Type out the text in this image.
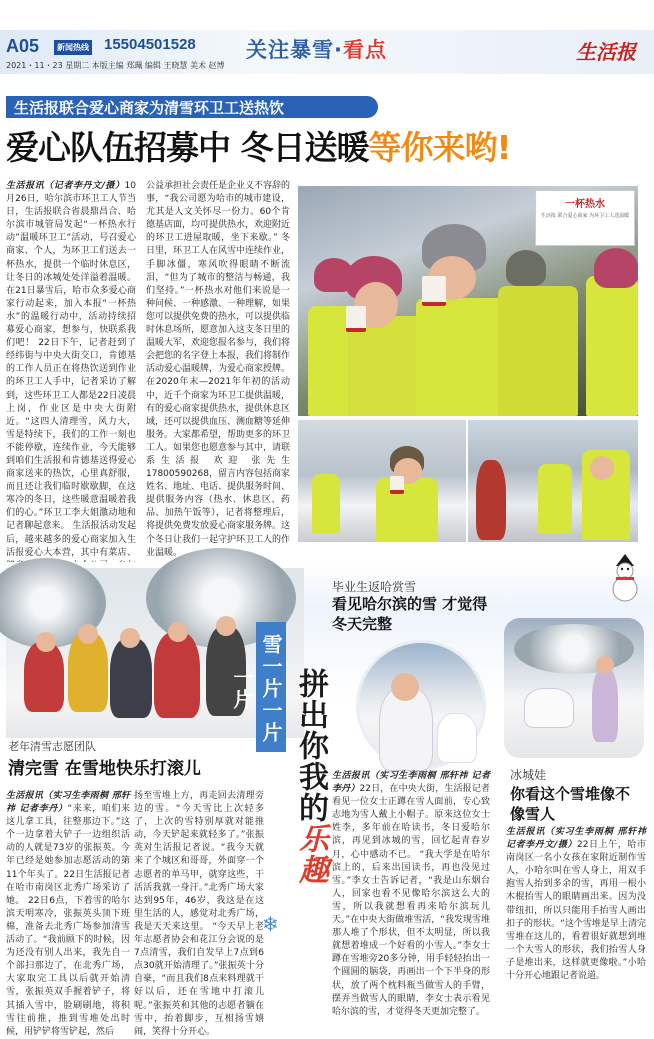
A05	新闻热线 15504501528 关注暴雪·看点	生活报
2021・11・23 星期二 本版主编 郑珮 编辑 王晓慧 美术 赵博
生活报联合爱心商家为清雪环卫工送热饮
爱心队伍招募中 冬日送暖等你来哟!
生活报讯（记者李丹文/摄）10月26日，哈尔滨市环卫工人节当日，生活报联合省晨鼎昌合、哈尔滨市城管局发起“一杯热水行动”温暖环卫工“活动，号召爱心商家、个人，为环卫工们送去一杯热水，提供一个临时休息区，让冬日的冰城处处洋溢着温暖。在21日暴雪后，哈市众多爱心商家行动起来，加入本报“一杯热水”的温暖行动中，活动持续招募爱心商家，想参与，快联系我们吧！ 22日下午，记者赶到了经纬街与中央大街交口，肯德基的工作人员正在将热饮送到作业的环卫工人手中，记者采访了解到，这些环卫工人都是22日凌晨上岗，作业区是中央大街附近。“这四人清理雪，风力大，雪是特续下，我们的工作一刻也不能停歇，连续作业，今天能够到咱们生活报和肯德基送得爱心商家送来的热饮，心里真舒服，而且还让我们临时歇歇脚，在这寒冷的冬日，这些暖意温暖着我们的心。”环卫工李大姐激动地和记者聊起意来。 生活报活动发起后，越来越多的爱心商家加入生活报爱心大本营，其中有菜店、
公益承担社会责任是企业义不容辞的事，“我公司愿为哈市的城市建设，尤其是人文关怀尽一份力。60个肯德基店面，均可提供热水，欢迎附近的环卫工进屋取暖，坐下来歇。” 冬日里，环卫工人在风雪中连续作业，手脚冰僵，寒风吹得眼睛不断流泪，“但为了城市的整洁与畅通，我们坚持。”一杯热水对他们来说是一种问候、一种感激、一种理解，如果您可以提供免费的热水，可以提供临时休息场所，愿意加入这支冬日里的温暖大军，欢迎您报名参与，我们将会把您的名字登上本报，我们将制作活动爱心温暖牌，为爱心商家授牌。 在2020年末—2021年年初的活动中，近千个商家为环卫工提供温暖，有的爱心商家提供热水，提供休息区域，还可以提供血压、测血糖等延伸服务。大家都希望，帮助更多的环卫工人。如果您也愿意参与其中，请联系生活报 欢迎 张先生 17800590268，留言内容包括商家姓名、地址、电话、提供服务时间、提供服务内容（热水、休息区、药品、加热午饭等），记者将整理后，将提供免费发放爱心商家服务牌。这个冬日让我们一起守护环卫工人的作业温暖。
一杯热水
生活报 联合爱心商家 为环卫工人送温暖
雪一片一片一片	拼出你我的乐趣
❄
老年清雪志愿团队
清完雪 在雪地快乐打滚儿
生活报讯（实习生李雨桐 邢轩祎 记者李丹）“来来，咱们来这儿拿工具，往整那边下。”这个一边拿着大铲子一边组织活动的人就是73岁的张振英。今年已经是她参加志愿活动的第11个年头了。22日生活报记者在哈市南岗区北秀广场采访了她。 22日6点，下着雪的哈尔滨天明寒冷，张振英头顶下班棉，准备去北秀广场参加清雪活动了。“我前顾下的时候，因为还没有别人出来，我先自一个部扫那边了，在北秀广场，大家取完工具以后就开始清雪，张振英双手握着铲子，将其插入雪中，脸刷刷地，将积雪往前推，推到雪堆处出时候，用铲铲将雪铲起，然后
扬至雪堆上方，再走回去清理旁边的雪。“今天雪比上次轻多了，上次的雪特别厚就对能推动，今天铲起来就轻多了。”张振英对生活报记者说。“我今天就来了个城区和哥哥，外面穿一个志愿者的单马甲，就穿这些，干活活我就一身汗。”北秀广场大家达到95年，46岁，我这是在这里生活的人，感觉对北秀广场，我是天天来这里。 “今天早上老年志愿者协会和花江分会说的是7点清雪，我们自发早上7点到6点30就开始清理了。”张振英十分自豪，“而且我们8点来料理就干好以后，还在雪地中打滚儿呢。”张振英和其他的志愿者躺在雪中，抬着脚步，互相扬雪嬉闹，笑得十分开心。
毕业生返哈赏雪
看见哈尔滨的雪 才觉得冬天完整
生活报讯（实习生李雨桐 邢轩祎 记者李丹）22日，在中央大街，生活报记者看见一位女士正蹲在雪人面前，专心致志地为雪人戴上小帽子。原来这位女士姓李，多年前在哈读书，冬日爱哈尔滨，再见到冰城的雪，回忆起青春岁月，心中感动不已。 “我大学是在哈尔滨上的，后来出国读书，再也没见过雪。”李女士告诉记者，“我是山东烟台人，回家也看不见像哈尔滨这么大的雪，所以我就想看再来哈尔滨玩儿天。”在中央大街做堆雪活，“我发现雪堆那人堆了个形状，但不太明显，所以我就想着堆成一个好看的小雪人。”李女士蹲在雪堆旁20多分钟，用手轻轻抬出一个圆圆的脑袋，再画出一个下半身的形状，放了两个枕料瓶当做雪人的手臂，摆弄当做雪人的眼睛，李女士表示看见哈尔滨的雪，才觉得冬天更加完整了。
冰城娃
你看这个雪堆像不像雪人
生活报讯（实习生李雨桐 邢轩祎 记者李丹文/摄）22日上午，哈市南岗区一名小女孩在家附近制作雪人，小哈尔叫在雪人身上，用双手抱雪人抬到多余的雪，再用一根小木棍抬雪人的眼睛画出来。因为没带纽扣，所以只能用手抬雪人画出扣子的形状。“这个雪堆是早上清完雪堆在这儿的，看着很好就想到堆一个大雪人的形状，我们抬雪人身子是堆出来，这样就更像啦。”小哈十分开心地跟记者说道。
